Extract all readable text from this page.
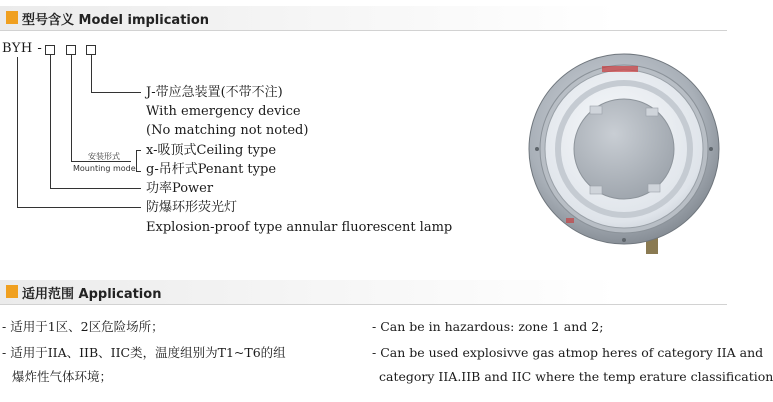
型号含义 Model implication
BYH -
安装形式
Mounting mode
J-带应急装置(不带不注)
With emergency device
(No matching not noted)
x-吸顶式Ceiling type
g-吊杆式Penant type
功率Power
防爆环形荧光灯
Explosion-proof type annular fluorescent lamp
适用范围 Application
- 适用于1区、2区危险场所；
- 适用于IIA、IIB、IIC类，温度组别为T1~T6的组
爆炸性气体环境；
- Can be in hazardous: zone 1 and 2;
- Can be used explosivve gas atmop heres of category IIA and
category IIA.IIB and IIC where the temp erature classification
